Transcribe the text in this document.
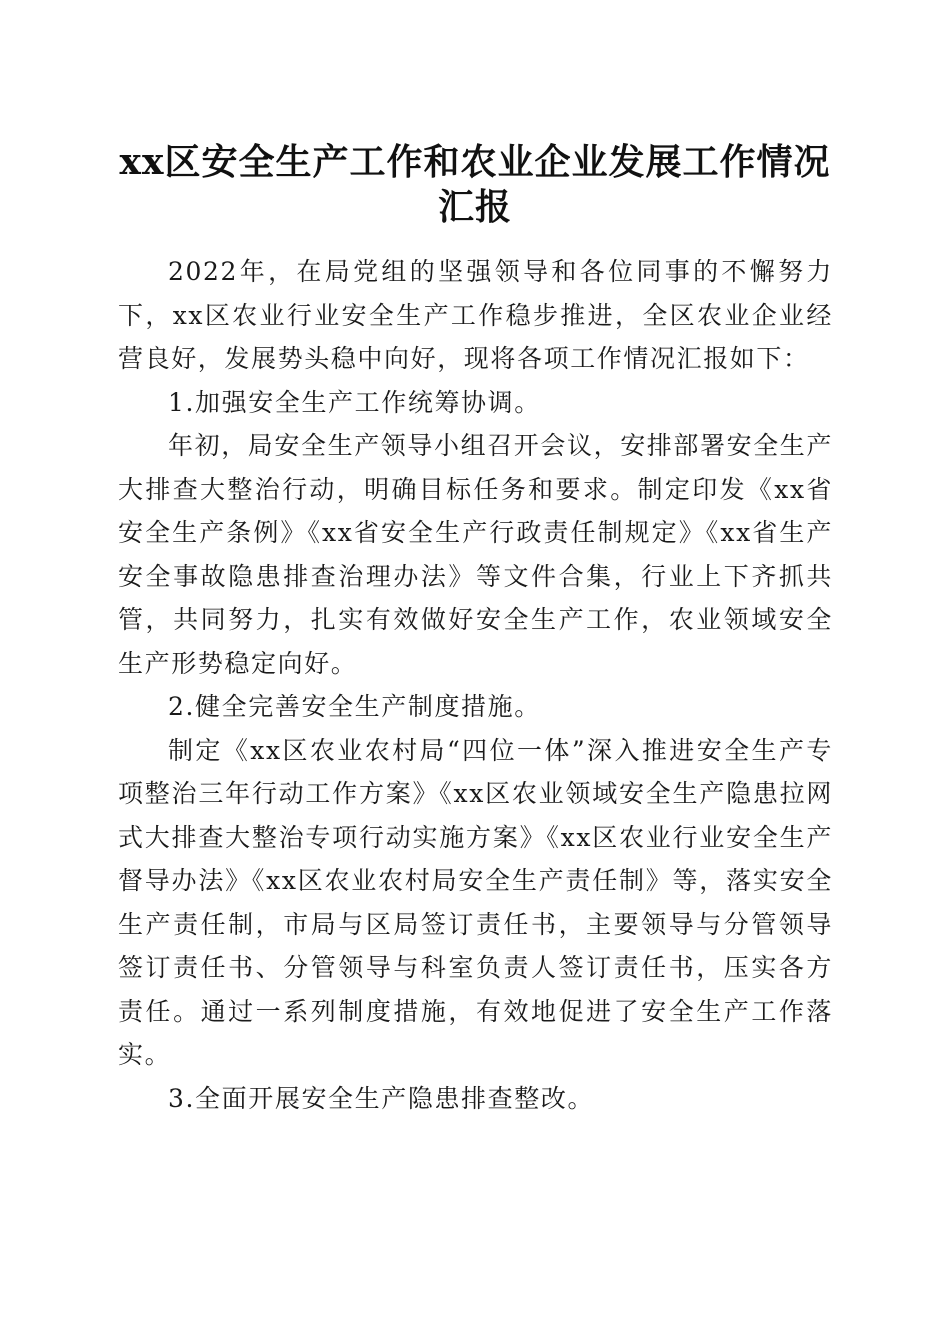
xx区安全生产工作和农业企业发展工作情况
汇报

2022年，在局党组的坚强领导和各位同事的不懈努力下，xx区农业行业安全生产工作稳步推进，全区农业企业经营良好，发展势头稳中向好，现将各项工作情况汇报如下：

1.加强安全生产工作统筹协调。

年初，局安全生产领导小组召开会议，安排部署安全生产大排查大整治行动，明确目标任务和要求。制定印发《xx省安全生产条例》《xx省安全生产行政责任制规定》《xx省生产安全事故隐患排查治理办法》等文件合集，行业上下齐抓共管，共同努力，扎实有效做好安全生产工作，农业领域安全生产形势稳定向好。

2.健全完善安全生产制度措施。

制定《xx区农业农村局“四位一体”深入推进安全生产专项整治三年行动工作方案》《xx区农业领域安全生产隐患拉网式大排查大整治专项行动实施方案》《xx区农业行业安全生产督导办法》《xx区农业农村局安全生产责任制》等，落实安全生产责任制，市局与区局签订责任书，主要领导与分管领导签订责任书、分管领导与科室负责人签订责任书，压实各方责任。通过一系列制度措施，有效地促进了安全生产工作落实。

3.全面开展安全生产隐患排查整改。
